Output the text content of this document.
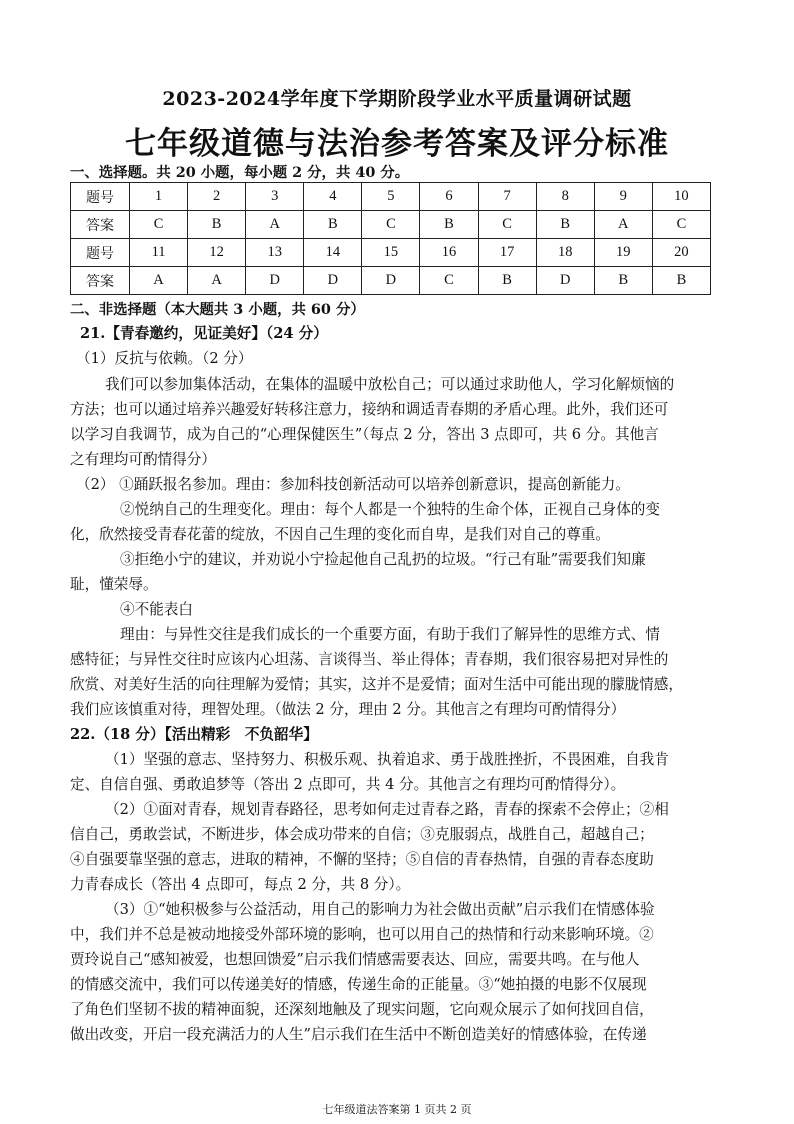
2023-2024学年度下学期阶段学业水平质量调研试题
七年级道德与法治参考答案及评分标准
一、选择题。共 20 小题，每小题 2 分，共 40 分。
题号	1	2	3	4	5	6	7	8	9	10
答案	C	B	A	B	C	B	C	B	A	C
题号	11	12	13	14	15	16	17	18	19	20
答案	A	A	D	D	D	C	B	D	B	B
二、非选择题（本大题共 3 小题，共 60 分）
21.【青春邀约，见证美好】（24 分）
（1）反抗与依赖。（2 分）
我们可以参加集体活动，在集体的温暖中放松自己；可以通过求助他人，学习化解烦恼的
方法；也可以通过培养兴趣爱好转移注意力，接纳和调适青春期的矛盾心理。此外，我们还可
以学习自我调节，成为自己的“心理保健医生”（每点 2 分，答出 3 点即可，共 6 分。其他言
之有理均可酌情得分）
（2） ①踊跃报名参加。理由：参加科技创新活动可以培养创新意识，提高创新能力。
②悦纳自己的生理变化。理由：每个人都是一个独特的生命个体，正视自己身体的变
化，欣然接受青春花蕾的绽放，不因自己生理的变化而自卑，是我们对自己的尊重。
③拒绝小宁的建议，并劝说小宁捡起他自己乱扔的垃圾。“行己有耻”需要我们知廉
耻，懂荣辱。
④不能表白
理由：与异性交往是我们成长的一个重要方面，有助于我们了解异性的思维方式、情
感特征；与异性交往时应该内心坦荡、言谈得当、举止得体；青春期，我们很容易把对异性的
欣赏、对美好生活的向往理解为爱情；其实，这并不是爱情；面对生活中可能出现的朦胧情感，
我们应该慎重对待，理智处理。（做法 2 分，理由 2 分。其他言之有理均可酌情得分）
22.（18 分）【活出精彩　不负韶华】
（1）坚强的意志、坚持努力、积极乐观、执着追求、勇于战胜挫折，不畏困难，自我肯
定、自信自强、勇敢追梦等（答出 2 点即可，共 4 分。其他言之有理均可酌情得分）。
（2）①面对青春，规划青春路径，思考如何走过青春之路，青春的探索不会停止；②相
信自己，勇敢尝试，不断进步，体会成功带来的自信；③克服弱点，战胜自己，超越自己；
④自强要靠坚强的意志，进取的精神，不懈的坚持；⑤自信的青春热情，自强的青春态度助
力青春成长（答出 4 点即可，每点 2 分，共 8 分）。
（3）①“她积极参与公益活动，用自己的影响力为社会做出贡献”启示我们在情感体验
中，我们并不总是被动地接受外部环境的影响，也可以用自己的热情和行动来影响环境。②
贾玲说自己“感知被爱，也想回馈爱”启示我们情感需要表达、回应，需要共鸣。在与他人
的情感交流中，我们可以传递美好的情感，传递生命的正能量。③“她拍摄的电影不仅展现
了角色们坚韧不拔的精神面貌，还深刻地触及了现实问题，它向观众展示了如何找回自信，
做出改变，开启一段充满活力的人生”启示我们在生活中不断创造美好的情感体验，在传递
七年级道法答案第 1 页共 2 页
